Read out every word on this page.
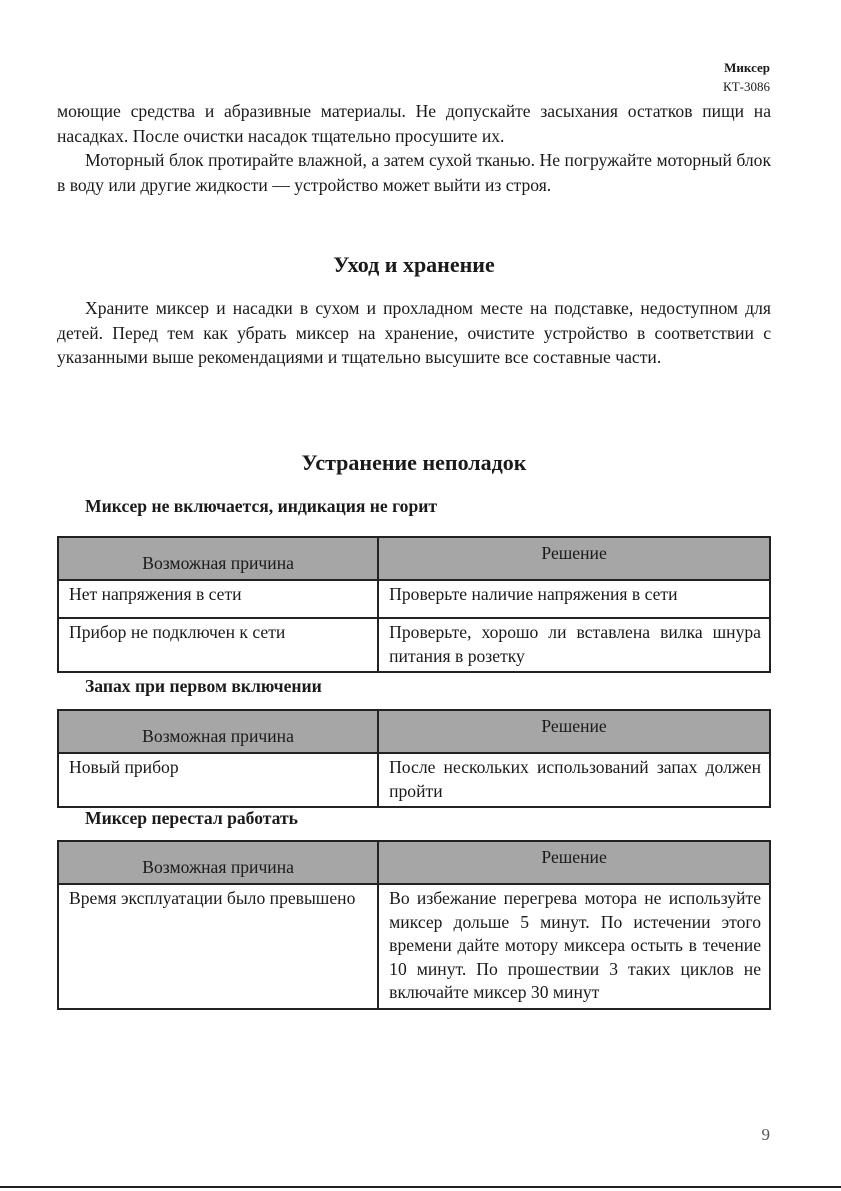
Миксер
КТ-3086

моющие средства и абразивные материалы. Не допускайте засыхания остатков пищи на насадках. После очистки насадок тщательно просушите их.

Моторный блок протирайте влажной, а затем сухой тканью. Не погружайте моторный блок в воду или другие жидкости — устройство может выйти из строя.

Уход и хранение

Храните миксер и насадки в сухом и прохладном месте на подставке, недоступном для детей. Перед тем как убрать миксер на хранение, очистите устройство в соответствии с указанными выше рекомендациями и тщательно высушите все составные части.

Устранение неполадок
Миксер не включается, индикация не горит
Возможная причина	Решение
Нет напряжения в сети	Проверьте наличие напряжения в сети
Прибор не подключен к сети	Проверьте, хорошо ли вставлена вилка шнура питания в розетку
Запах при первом включении
Возможная причина	Решение
Новый прибор	После нескольких использований запах должен пройти
Миксер перестал работать
Возможная причина	Решение
Время эксплуатации было превышено	Во избежание перегрева мотора не используйте миксер дольше 5 минут. По истечении этого времени дайте мотору миксера остыть в течение 10 минут. По прошествии 3 таких циклов не включайте миксер 30 минут
9
